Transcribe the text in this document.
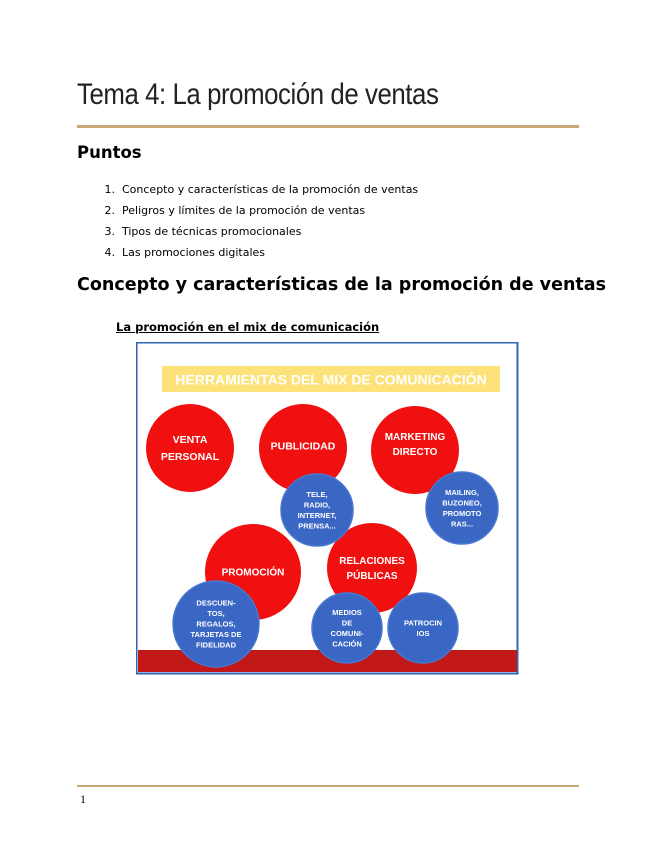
Tema 4: La promoción de ventas
Puntos
1. Concepto y características de la promoción de ventas
2. Peligros y límites de la promoción de ventas
3. Tipos de técnicas promocionales
4. Las promociones digitales
Concepto y características de la promoción de ventas
La promoción en el mix de comunicación
HERRAMIENTAS DEL MIX DE COMUNICACIÓN
VENTA
PERSONAL
PUBLICIDAD
MARKETING
DIRECTO
PROMOCIÓN
RELACIONES
PÚBLICAS
TELE,
RADIO,
INTERNET,
PRENSA...
MAILING,
BUZONEO,
PROMOTO
RAS...
DESCUEN-
TOS,
REGALOS,
TARJETAS DE
FIDELIDAD
MEDIOS
DE
COMUNI-
CACIÓN
PATROCIN
IOS
1
